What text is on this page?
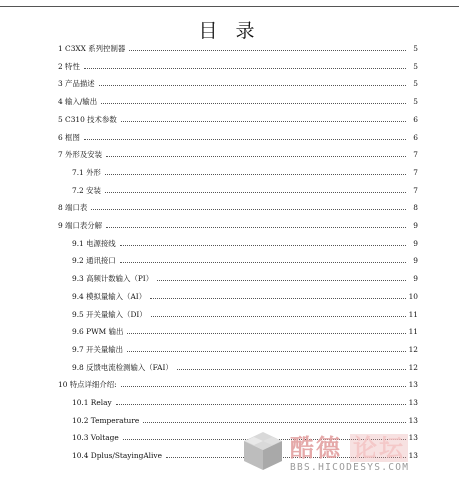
目 录
1 C3XX 系列控制器	5
2 特性	5
3 产品描述	5
4 输入/输出	5
5 C310 技术参数	6
6 框图	6
7 外形及安装	7
7.1 外形	7
7.2 安装	7
8 端口表	8
9 端口表分解	9
9.1 电源接线	9
9.2 通讯接口	9
9.3 高频计数输入（PI）	9
9.4 模拟量输入（AI）	10
9.5 开关量输入（DI）	11
9.6 PWM 输出	11
9.7 开关量输出	12
9.8 反馈电流检测输入（FAI）	12
10 特点详细介绍:	13
10.1 Relay	13
10.2 Temperature	13
10.3 Voltage	13
10.4 Dplus/StayingAlive	13
酷德 论坛
BBS.HICODESYS.COM
